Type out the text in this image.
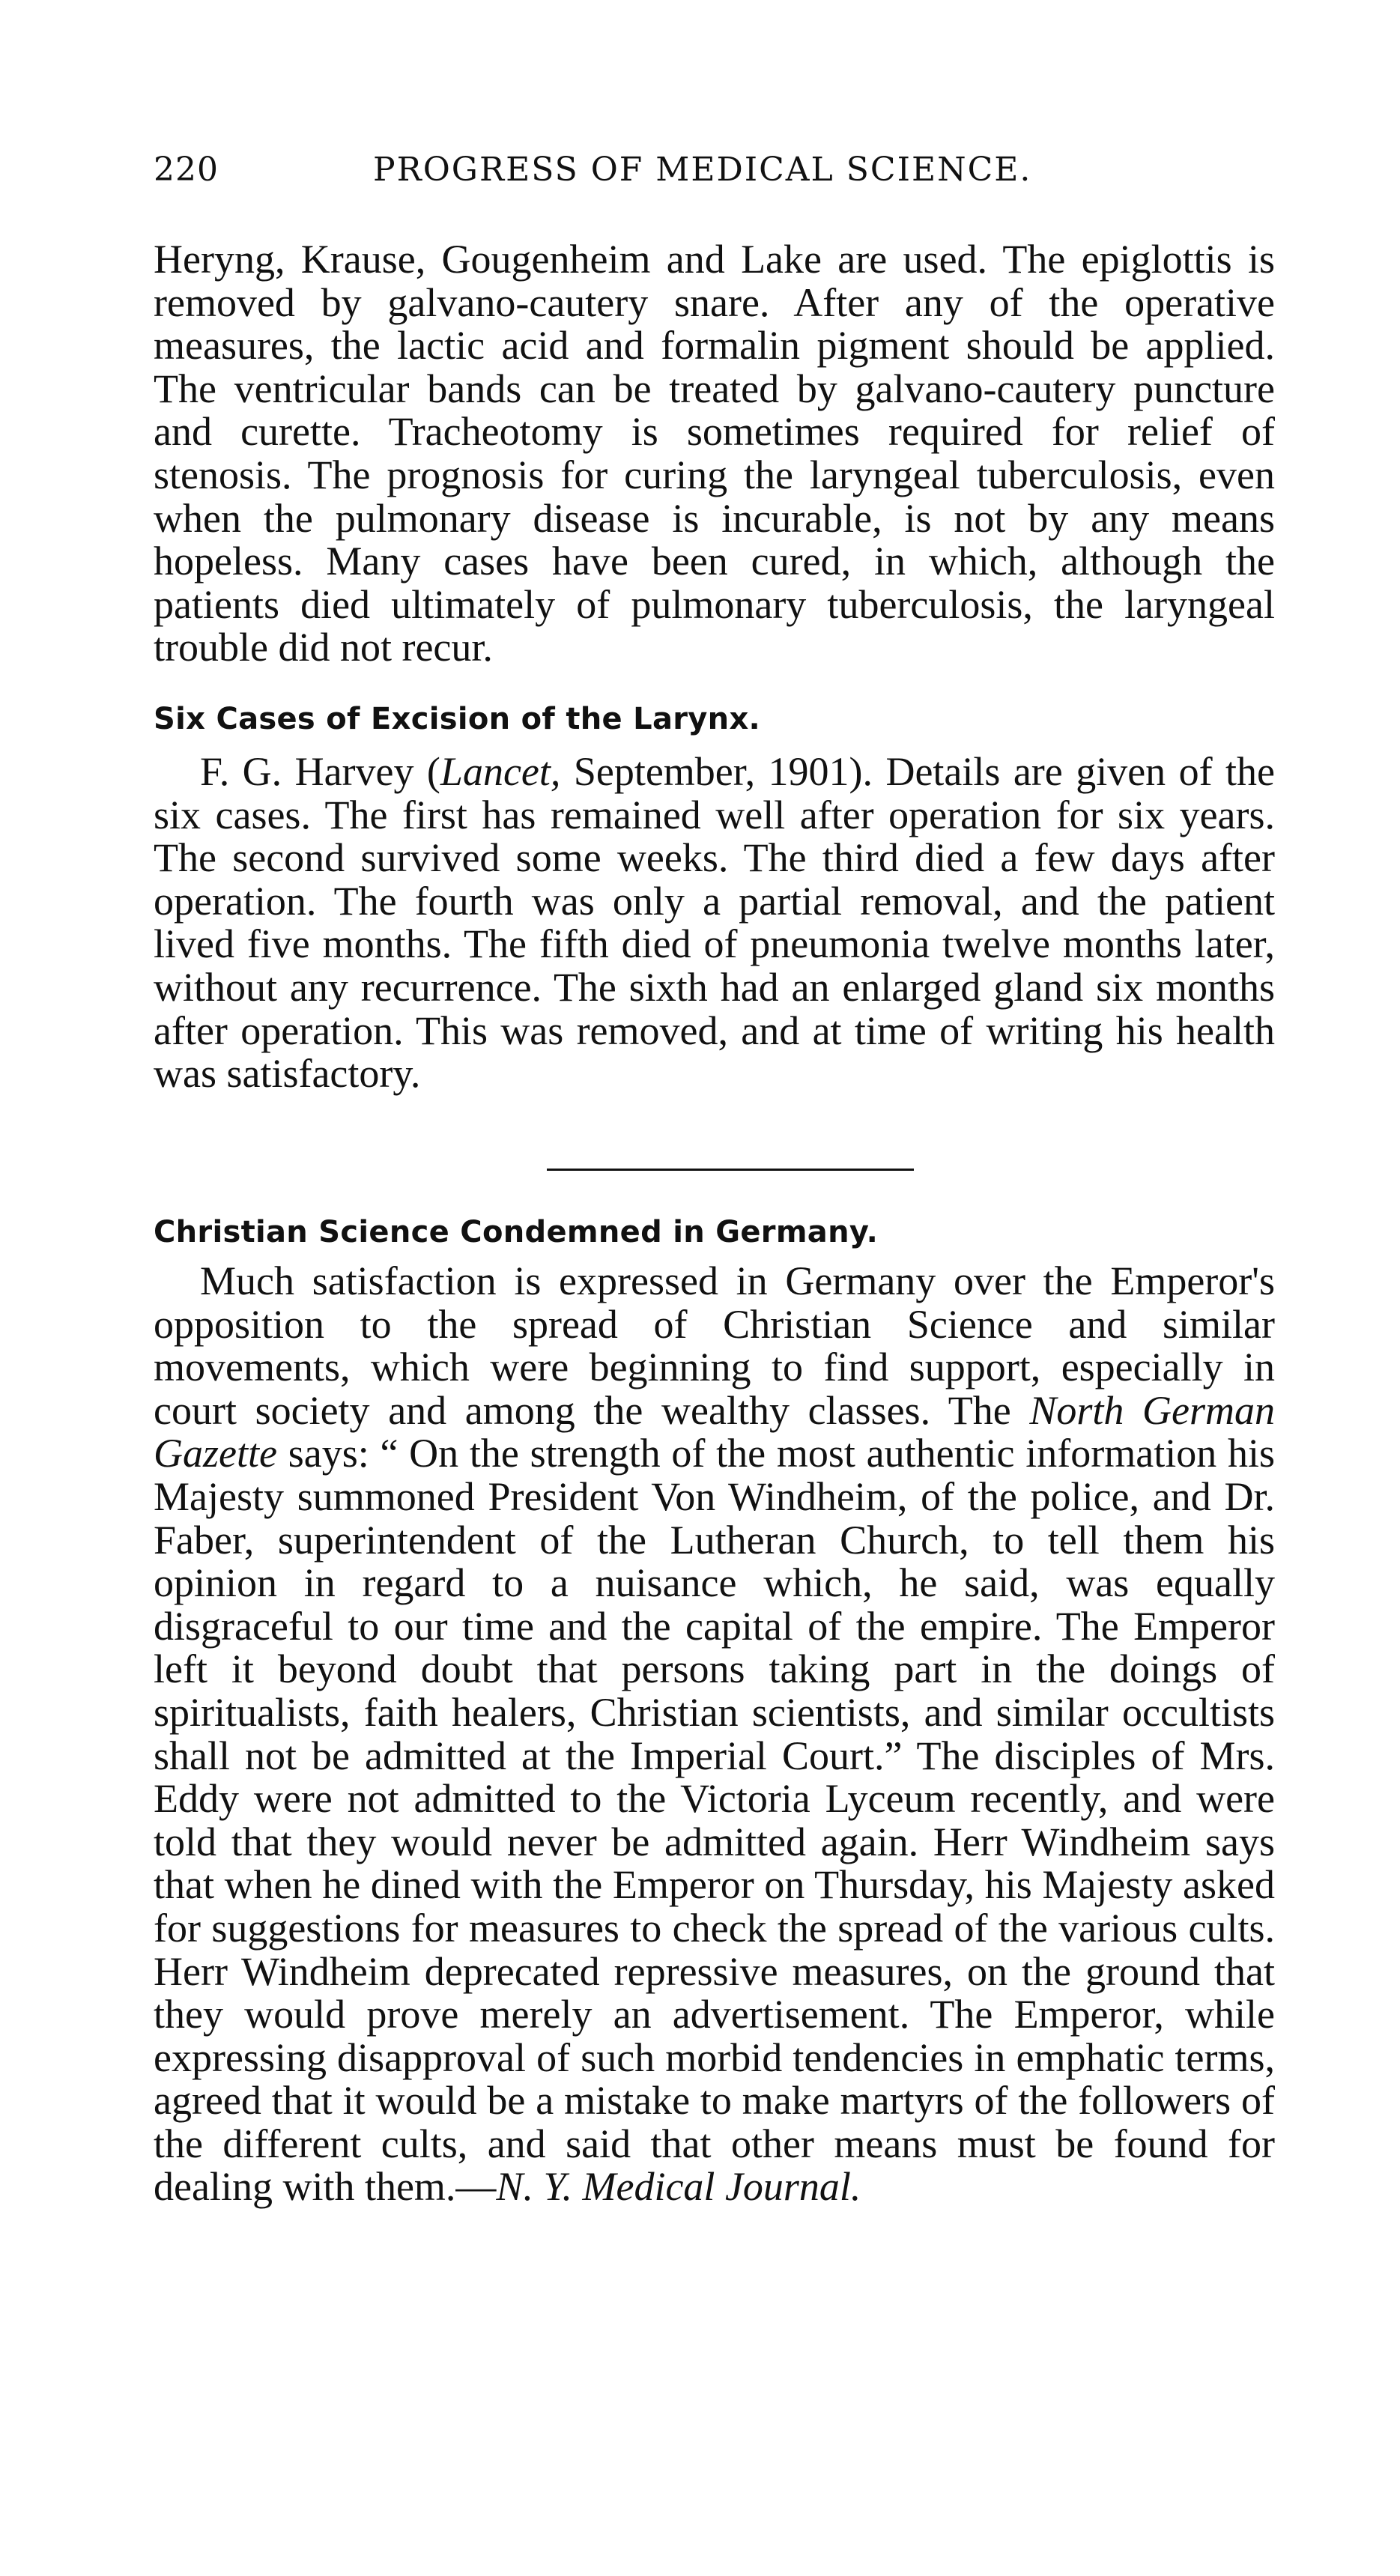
220	PROGRESS OF MEDICAL SCIENCE.

Heryng, Krause, Gougenheim and Lake are used. The epiglottis is removed by galvano-cautery snare. After any of the operative measures, the lactic acid and formalin pigment should be applied. The ventricular bands can be treated by galvano-cautery puncture and curette. Tracheotomy is sometimes required for relief of stenosis. The prognosis for curing the laryngeal tuberculosis, even when the pulmonary disease is incurable, is not by any means hopeless. Many cases have been cured, in which, although the patients died ultimately of pulmonary tuberculosis, the laryngeal trouble did not recur.

Six Cases of Excision of the Larynx.

F. G. Harvey (Lancet, September, 1901). Details are given of the six cases. The first has remained well after operation for six years. The second survived some weeks. The third died a few days after operation. The fourth was only a partial removal, and the patient lived five months. The fifth died of pneumonia twelve months later, without any recurrence. The sixth had an enlarged gland six months after operation. This was removed, and at time of writing his health was satisfactory.

Christian Science Condemned in Germany.

Much satisfaction is expressed in Germany over the Emperor's opposition to the spread of Christian Science and similar movements, which were beginning to find support, especially in court society and among the wealthy classes. The North German Gazette says: “ On the strength of the most authentic information his Majesty summoned President Von Windheim, of the police, and Dr. Faber, superintendent of the Lutheran Church, to tell them his opinion in regard to a nuisance which, he said, was equally disgraceful to our time and the capital of the empire. The Emperor left it beyond doubt that persons taking part in the doings of spiritualists, faith healers, Christian scientists, and similar occultists shall not be admitted at the Imperial Court.” The disciples of Mrs. Eddy were not admitted to the Victoria Lyceum recently, and were told that they would never be admitted again. Herr Windheim says that when he dined with the Emperor on Thursday, his Majesty asked for suggestions for measures to check the spread of the various cults. Herr Windheim deprecated repressive measures, on the ground that they would prove merely an advertisement. The Emperor, while expressing disapproval of such morbid tendencies in emphatic terms, agreed that it would be a mistake to make martyrs of the followers of the different cults, and said that other means must be found for dealing with them.—N. Y. Medical Journal.
